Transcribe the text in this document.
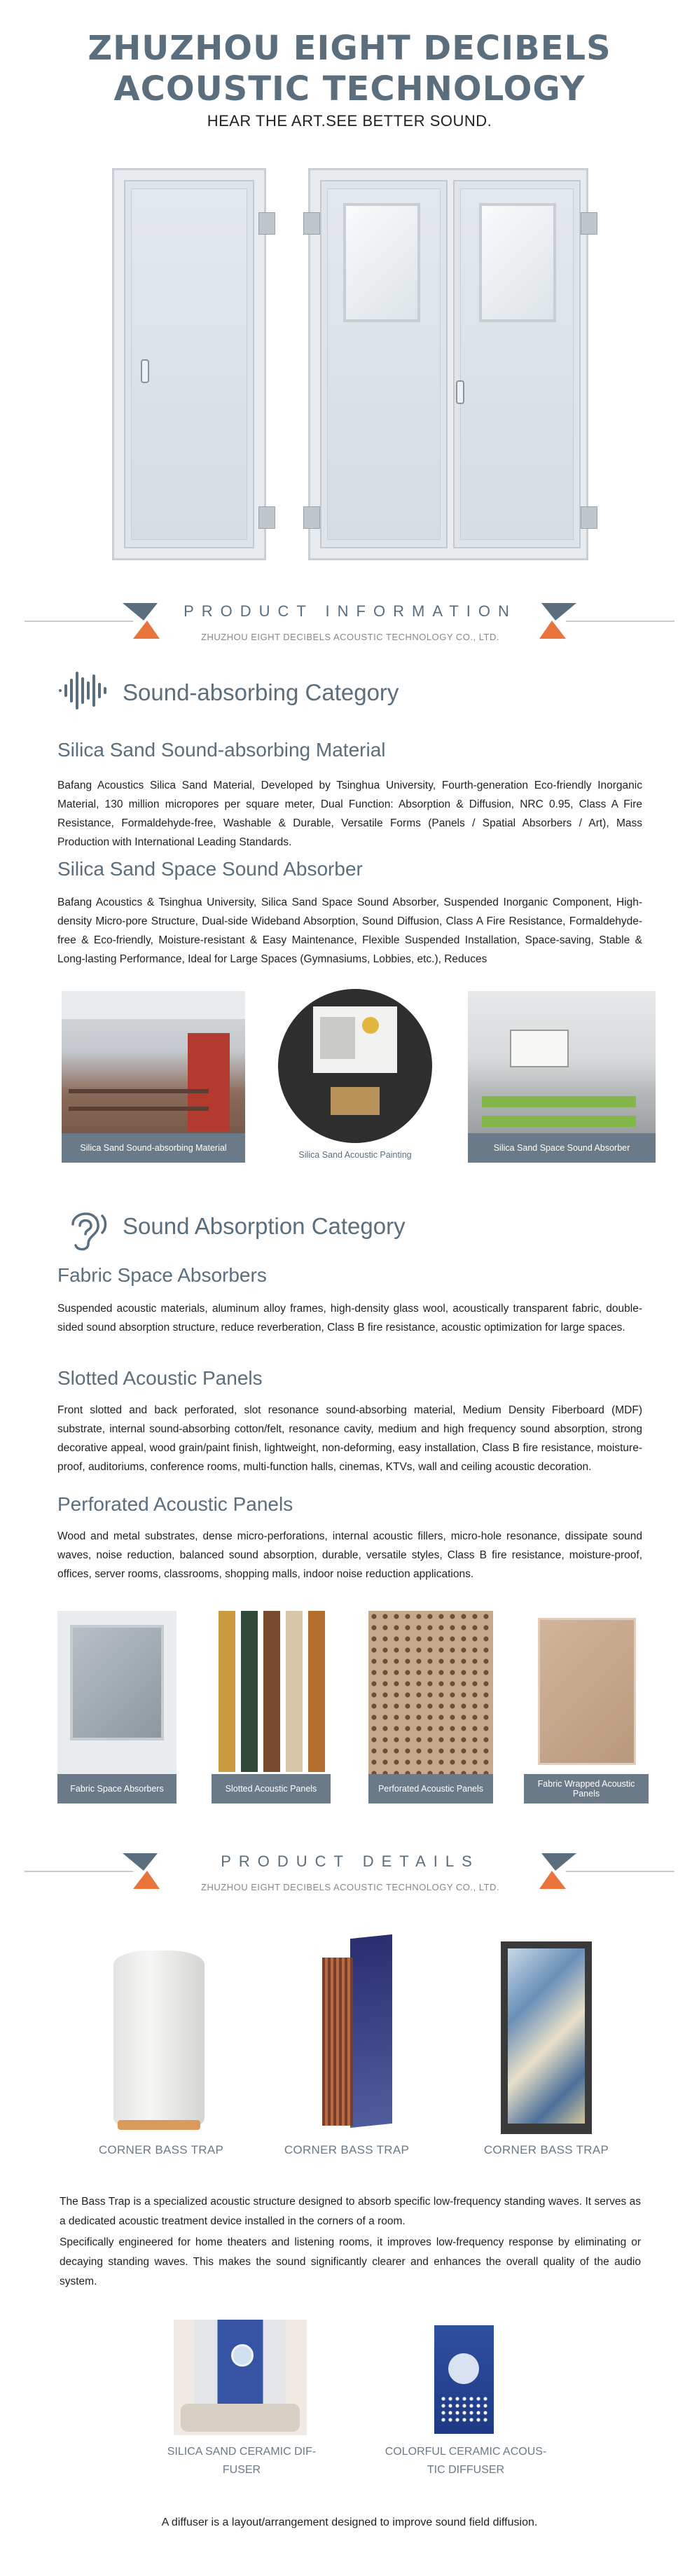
ZHUZHOU EIGHT DECIBELS ACOUSTIC TECHNOLOGY
HEAR THE ART.SEE BETTER SOUND.
PRODUCT INFORMATION
ZHUZHOU EIGHT DECIBELS ACOUSTIC TECHNOLOGY CO., LTD.
Sound-absorbing Category
Silica Sand Sound-absorbing Material
Bafang Acoustics Silica Sand Material, Developed by Tsinghua University, Fourth-generation Eco-friendly Inorganic Material, 130 million micropores per square meter, Dual Function: Absorption & Diffusion, NRC 0.95, Class A Fire Resistance, Formaldehyde-free, Washable & Durable, Versatile Forms (Panels / Spatial Absorbers / Art), Mass Production with International Leading Standards.
Silica Sand Space Sound Absorber
Bafang Acoustics & Tsinghua University, Silica Sand Space Sound Absorber, Suspended Inorganic Component, High-density Micro-pore Structure, Dual-side Wideband Absorption, Sound Diffusion, Class A Fire Resistance, Formaldehyde-free & Eco-friendly, Moisture-resistant & Easy Maintenance, Flexible Suspended Installation, Space-saving, Stable & Long-lasting Performance, Ideal for Large Spaces (Gymnasiums, Lobbies, etc.), Reduces
Silica Sand Sound-absorbing Material
Silica Sand Acoustic Painting
Silica Sand Space Sound Absorber
Sound Absorption Category
Fabric Space Absorbers
Suspended acoustic materials, aluminum alloy frames, high-density glass wool, acoustically transparent fabric, double-sided sound absorption structure, reduce reverberation, Class B fire resistance, acoustic optimization for large spaces.
Slotted Acoustic Panels
Front slotted and back perforated, slot resonance sound-absorbing material, Medium Density Fiberboard (MDF) substrate, internal sound-absorbing cotton/felt, resonance cavity, medium and high frequency sound absorption, strong decorative appeal, wood grain/paint finish, lightweight, non-deforming, easy installation, Class B fire resistance, moisture-proof, auditoriums, conference rooms, multi-function halls, cinemas, KTVs, wall and ceiling acoustic decoration.
Perforated Acoustic Panels
Wood and metal substrates, dense micro-perforations, internal acoustic fillers, micro-hole resonance, dissipate sound waves, noise reduction, balanced sound absorption, durable, versatile styles, Class B fire resistance, moisture-proof, offices, server rooms, classrooms, shopping malls, indoor noise reduction applications.
Fabric Space Absorbers	Slotted Acoustic Panels	Perforated Acoustic Panels	Fabric Wrapped Acoustic Panels
PRODUCT DETAILS
ZHUZHOU EIGHT DECIBELS ACOUSTIC TECHNOLOGY CO., LTD.
CORNER BASS TRAP	CORNER BASS TRAP	CORNER BASS TRAP
The Bass Trap is a specialized acoustic structure designed to absorb specific low-frequency standing waves. It serves as a dedicated acoustic treatment device installed in the corners of a room.
Specifically engineered for home theaters and listening rooms, it improves low-frequency response by eliminating or decaying standing waves. This makes the sound significantly clearer and enhances the overall quality of the audio system.
SILICA SAND CERAMIC DIF-
FUSER
COLORFUL CERAMIC ACOUS-
TIC DIFFUSER
A diffuser is a layout/arrangement designed to improve sound field diffusion.
